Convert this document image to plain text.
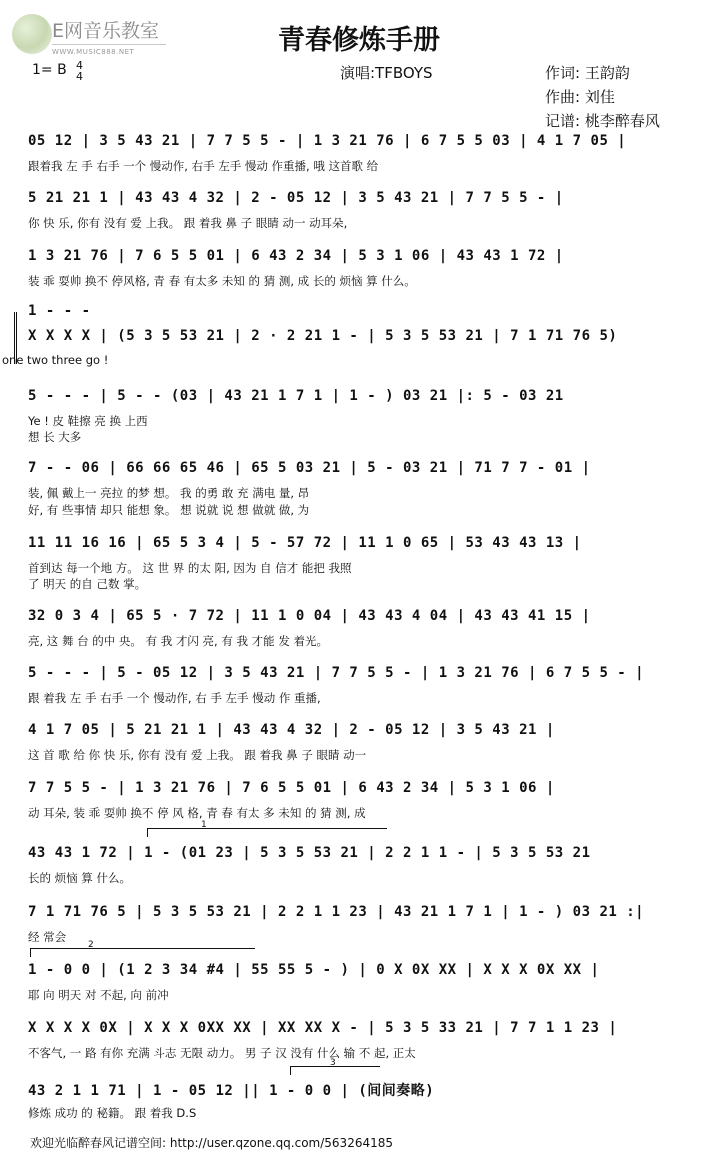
E网音乐教室
WWW.MUSIC888.NET	青春修炼手册
1= B 4
4	演唱:TFBOYS	作词: 王韵韵
作曲: 刘佳
记谱: 桃李醉春风
05 12 | 3 5 43 21 | 7 7 5 5 - | 1 3 21 76 | 6 7 5 5 03 | 4 1 7 05 |
跟着我 左 手 右手 一个 慢动作, 右手 左手 慢动 作重播, 哦 这首歌 给
5 21 21 1 | 43 43 4 32 | 2 - 05 12 | 3 5 43 21 | 7 7 5 5 - |
你 快 乐, 你有 没有 爱 上我。 跟 着我 鼻 子 眼睛 动一 动耳朵,
1 3 21 76 | 7 6 5 5 01 | 6 43 2 34 | 5 3 1 06 | 43 43 1 72 |
装 乖 耍帅 换不 停风格, 青 春 有太多 未知 的 猜 测, 成 长的 烦恼 算 什么。
1 - - -
X X X X | (5 3 5 53 21 | 2 · 2 21 1 - | 5 3 5 53 21 | 7 1 71 76 5)
one two three go !
5 - - - | 5 - - (03 | 43 21 1 7 1 | 1 - ) 03 21 |: 5 - 03 21
Ye ! 皮 鞋擦 亮 换 上西
想 长 大多
7 - - 06 | 66 66 65 46 | 65 5 03 21 | 5 - 03 21 | 71 7 7 - 01 |
装, 佩 戴上一 亮拉 的梦 想。 我 的勇 敢 充 满电 量, 昂
好, 有 些事情 却只 能想 象。 想 说就 说 想 做就 做, 为
11 11 16 16 | 65 5 3 4 | 5 - 57 72 | 11 1 0 65 | 53 43 43 13 |
首到达 每一个地 方。 这 世 界 的太 阳, 因为 自 信才 能把 我照
了 明天 的自 己数 掌。
32 0 3 4 | 65 5 · 7 72 | 11 1 0 04 | 43 43 4 04 | 43 43 41 15 |
亮, 这 舞 台 的中 央。 有 我 才闪 亮, 有 我 才能 发 着光。
5 - - - | 5 - 05 12 | 3 5 43 21 | 7 7 5 5 - | 1 3 21 76 | 6 7 5 5 - |
跟 着我 左 手 右手 一个 慢动作, 右 手 左手 慢动 作 重播,
4 1 7 05 | 5 21 21 1 | 43 43 4 32 | 2 - 05 12 | 3 5 43 21 |
这 首 歌 给 你 快 乐, 你有 没有 爱 上我。 跟 着我 鼻 子 眼睛 动一
7 7 5 5 - | 1 3 21 76 | 7 6 5 5 01 | 6 43 2 34 | 5 3 1 06 |
动 耳朵, 装 乖 耍帅 换不 停 风 格, 青 春 有太 多 未知 的 猜 测, 成
1
43 43 1 72 | 1 - (01 23 | 5 3 5 53 21 | 2 2 1 1 - | 5 3 5 53 21
长的 烦恼 算 什么。
7 1 71 76 5 | 5 3 5 53 21 | 2 2 1 1 23 | 43 21 1 7 1 | 1 - ) 03 21 :|
经 常会
2
1 - 0 0 | (1 2 3 34 #4 | 55 55 5 - ) | 0 X 0X XX | X X X 0X XX |
耶 向 明天 对 不起, 向 前冲
X X X X 0X | X X X 0XX XX | XX XX X - | 5 3 5 33 21 | 7 7 1 1 23 |
不客气, 一 路 有你 充满 斗志 无限 动力。 男 子 汉 没有 什么 输 不 起, 正太
3
43 2 1 1 71 | 1 - 05 12 || 1 - 0 0 | (间间奏略)
修炼 成功 的 秘籍。 跟 着我 D.S
欢迎光临醉春风记谱空间: http://user.qzone.qq.com/563264185
